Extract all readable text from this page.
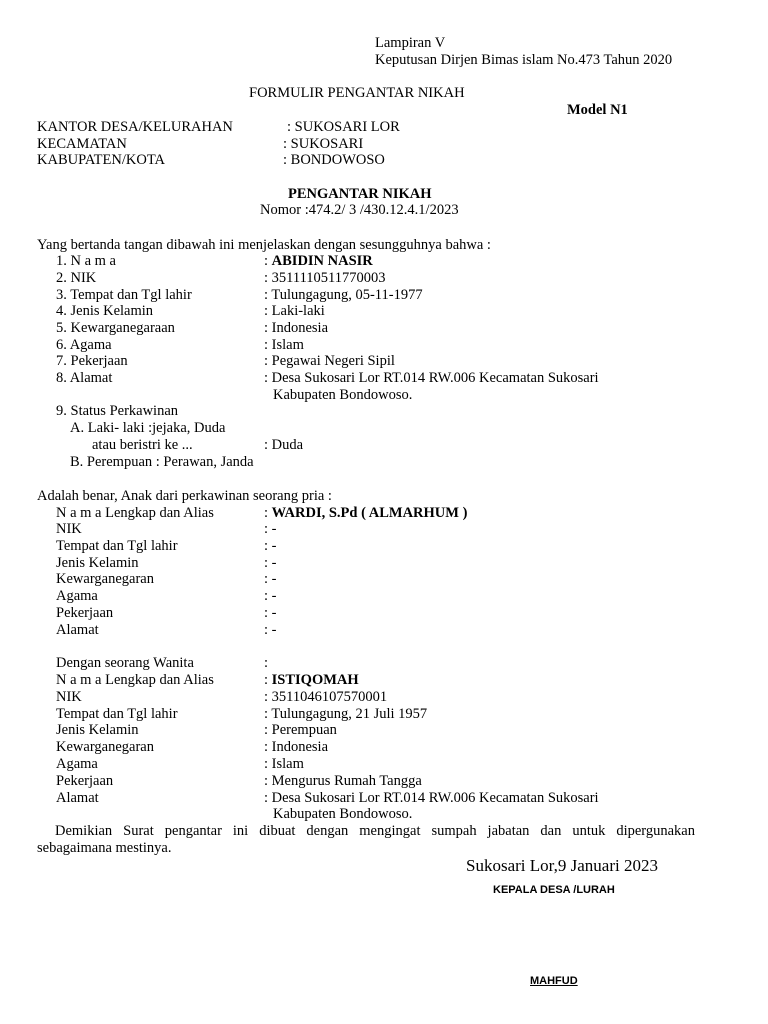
Lampiran V
Keputusan Dirjen Bimas islam No.473 Tahun 2020
FORMULIR PENGANTAR NIKAH
Model N1
KANTOR DESA/KELURAHAN	: SUKOSARI LOR
KECAMATAN	: SUKOSARI
KABUPATEN/KOTA	: BONDOWOSO
PENGANTAR NIKAH
Nomor :474.2/ 3 /430.12.4.1/2023
Yang bertanda tangan dibawah ini menjelaskan dengan sesungguhnya bahwa :
1. N a m a	: ABIDIN NASIR
2. NIK	: 3511110511770003
3. Tempat dan Tgl lahir	: Tulungagung, 05-11-1977
4. Jenis Kelamin	: Laki-laki
5. Kewarganegaraan	: Indonesia
6. Agama	: Islam
7. Pekerjaan	: Pegawai Negeri Sipil
8. Alamat	: Desa Sukosari Lor RT.014 RW.006 Kecamatan Sukosari
Kabupaten Bondowoso.
9. Status Perkawinan
A. Laki- laki :jejaka, Duda
atau beristri ke ...	: Duda
B. Perempuan : Perawan, Janda
Adalah benar, Anak dari perkawinan seorang pria :
N a m a Lengkap dan Alias	: WARDI, S.Pd ( ALMARHUM )
NIK	: -
Tempat dan Tgl lahir	: -
Jenis Kelamin	: -
Kewarganegaran	: -
Agama	: -
Pekerjaan	: -
Alamat	: -
Dengan seorang Wanita	:
N a m a Lengkap dan Alias	: ISTIQOMAH
NIK	: 3511046107570001
Tempat dan Tgl lahir	: Tulungagung, 21 Juli 1957
Jenis Kelamin	: Perempuan
Kewarganegaran	: Indonesia
Agama	: Islam
Pekerjaan	: Mengurus Rumah Tangga
Alamat	: Desa Sukosari Lor RT.014 RW.006 Kecamatan Sukosari
Kabupaten Bondowoso.
Demikian Surat pengantar ini dibuat dengan mengingat sumpah jabatan dan untuk dipergunakan
sebagaimana mestinya.
Sukosari Lor,9 Januari 2023
KEPALA DESA /LURAH
MAHFUD
